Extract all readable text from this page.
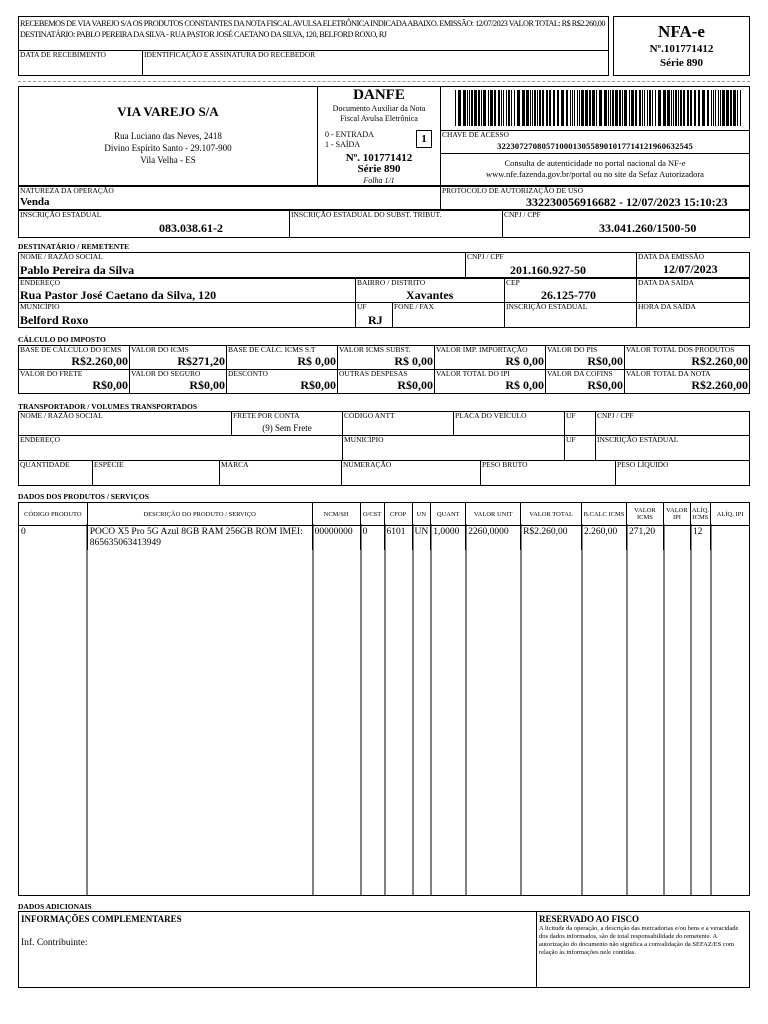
RECEBEMOS DE VIA VAREJO S/A OS PRODUTOS CONSTANTES DA NOTA FISCAL AVULSA ELETRÔNICA INDICADA ABAIXO. EMISSÃO: 12/07/2023 VALOR TOTAL: R$ R$2.260,00 DESTINATÁRIO: PABLO PEREIRA DA SILVA - RUA PASTOR JOSÉ CAETANO DA SILVA, 120, BELFORD ROXO, RJ
DATA DE RECEBIMENTO	IDENTIFICAÇÃO E ASSINATURA DO RECEBEDOR
NFA-e
Nº.101771412
Série 890
VIA VAREJO S/A
Rua Luciano das Neves, 2418
Divino Espírito Santo - 29.107-900
Vila Velha - ES
DANFE
Documento Auxiliar da Nota
Fiscal Avulsa Eletrônica
0 - ENTRADA
1 - SAÍDA	1
Nº. 101771412
Série 890
Folha 1/1
CHAVE DE ACESSO
32230727080571000130558901017714121960632545
Consulta de autenticidade no portal nacional da NF-e
www.nfe.fazenda.gov.br/portal ou no site da Sefaz Autorizadora
NATUREZA DA OPERAÇÃO
Venda
PROTOCOLO DE AUTORIZAÇÃO DE USO
332230056916682 - 12/07/2023 15:10:23
INSCRIÇÃO ESTADUAL
083.038.61-2
INSCRIÇÃO ESTADUAL DO SUBST. TRIBUT.	CNPJ / CPF
33.041.260/1500-50
DESTINATÁRIO / REMETENTE
NOME / RAZÃO SOCIAL
Pablo Pereira da Silva
CNPJ / CPF
201.160.927-50
DATA DA EMISSÃO
12/07/2023
ENDEREÇO
Rua Pastor José Caetano da Silva, 120
BAIRRO / DISTRITO
Xavantes
CEP
26.125-770
DATA DA SAÍDA
MUNICÍPIO
Belford Roxo
UF
RJ
FONE / FAX	INSCRIÇÃO ESTADUAL	HORA DA SAÍDA
CÁLCULO DO IMPOSTO
BASE DE CÁLCULO DO ICMS
R$2.260,00
VALOR DO ICMS
R$271,20
BASE DE CALC. ICMS S.T
R$ 0,00
VALOR ICMS SUBST.
R$ 0,00
VALOR IMP. IMPORTAÇÃO
R$ 0,00
VALOR DO PIS
R$0,00
VALOR TOTAL DOS PRODUTOS
R$2.260,00
VALOR DO FRETE
R$0,00
VALOR DO SEGURO
R$0,00
DESCONTO
R$0,00
OUTRAS DESPESAS
R$0,00
VALOR TOTAL DO IPI
R$ 0,00
VALOR DA COFINS
R$0,00
VALOR TOTAL DA NOTA
R$2.260,00
TRANSPORTADOR / VOLUMES TRANSPORTADOS
NOME / RAZÃO SOCIAL	FRETE POR CONTA
(9) Sem Frete
CÓDIGO ANTT	PLACA DO VEÍCULO	UF	CNPJ / CPF
ENDEREÇO	MUNICÍPIO	UF	INSCRIÇÃO ESTADUAL
QUANTIDADE	ESPÉCIE	MARCA	NUMERAÇÃO	PESO BRUTO	PESO LÍQUIDO
DADOS DOS PRODUTOS / SERVIÇOS
CÓDIGO PRODUTO	DESCRIÇÃO DO PRODUTO / SERVIÇO	NCM/SH	O/CST	CFOP	UN	QUANT	VALOR UNIT	VALOR TOTAL	B.CALC ICMS	VALOR ICMS	VALOR IPI	ALÍQ. ICMS	ALÍQ. IPI
0	POCO X5 Pro 5G Azul 8GB RAM 256GB ROM IMEI: 865635063413949	00000000	0	6101	UN	1,0000	2260,0000	R$2.260,00	2.260,00	271,20		12	
DADOS ADICIONAIS
INFORMAÇÕES COMPLEMENTARES
Inf. Contribuinte:
RESERVADO AO FISCO
A licitude da operação, a descrição das mercadorias e/ou bens e a veracidade dos dados informados, são de total responsabilidade do remetente. A autorização do documento não significa a convalidação da SEFAZ/ES com relação às informações nele contidas.
